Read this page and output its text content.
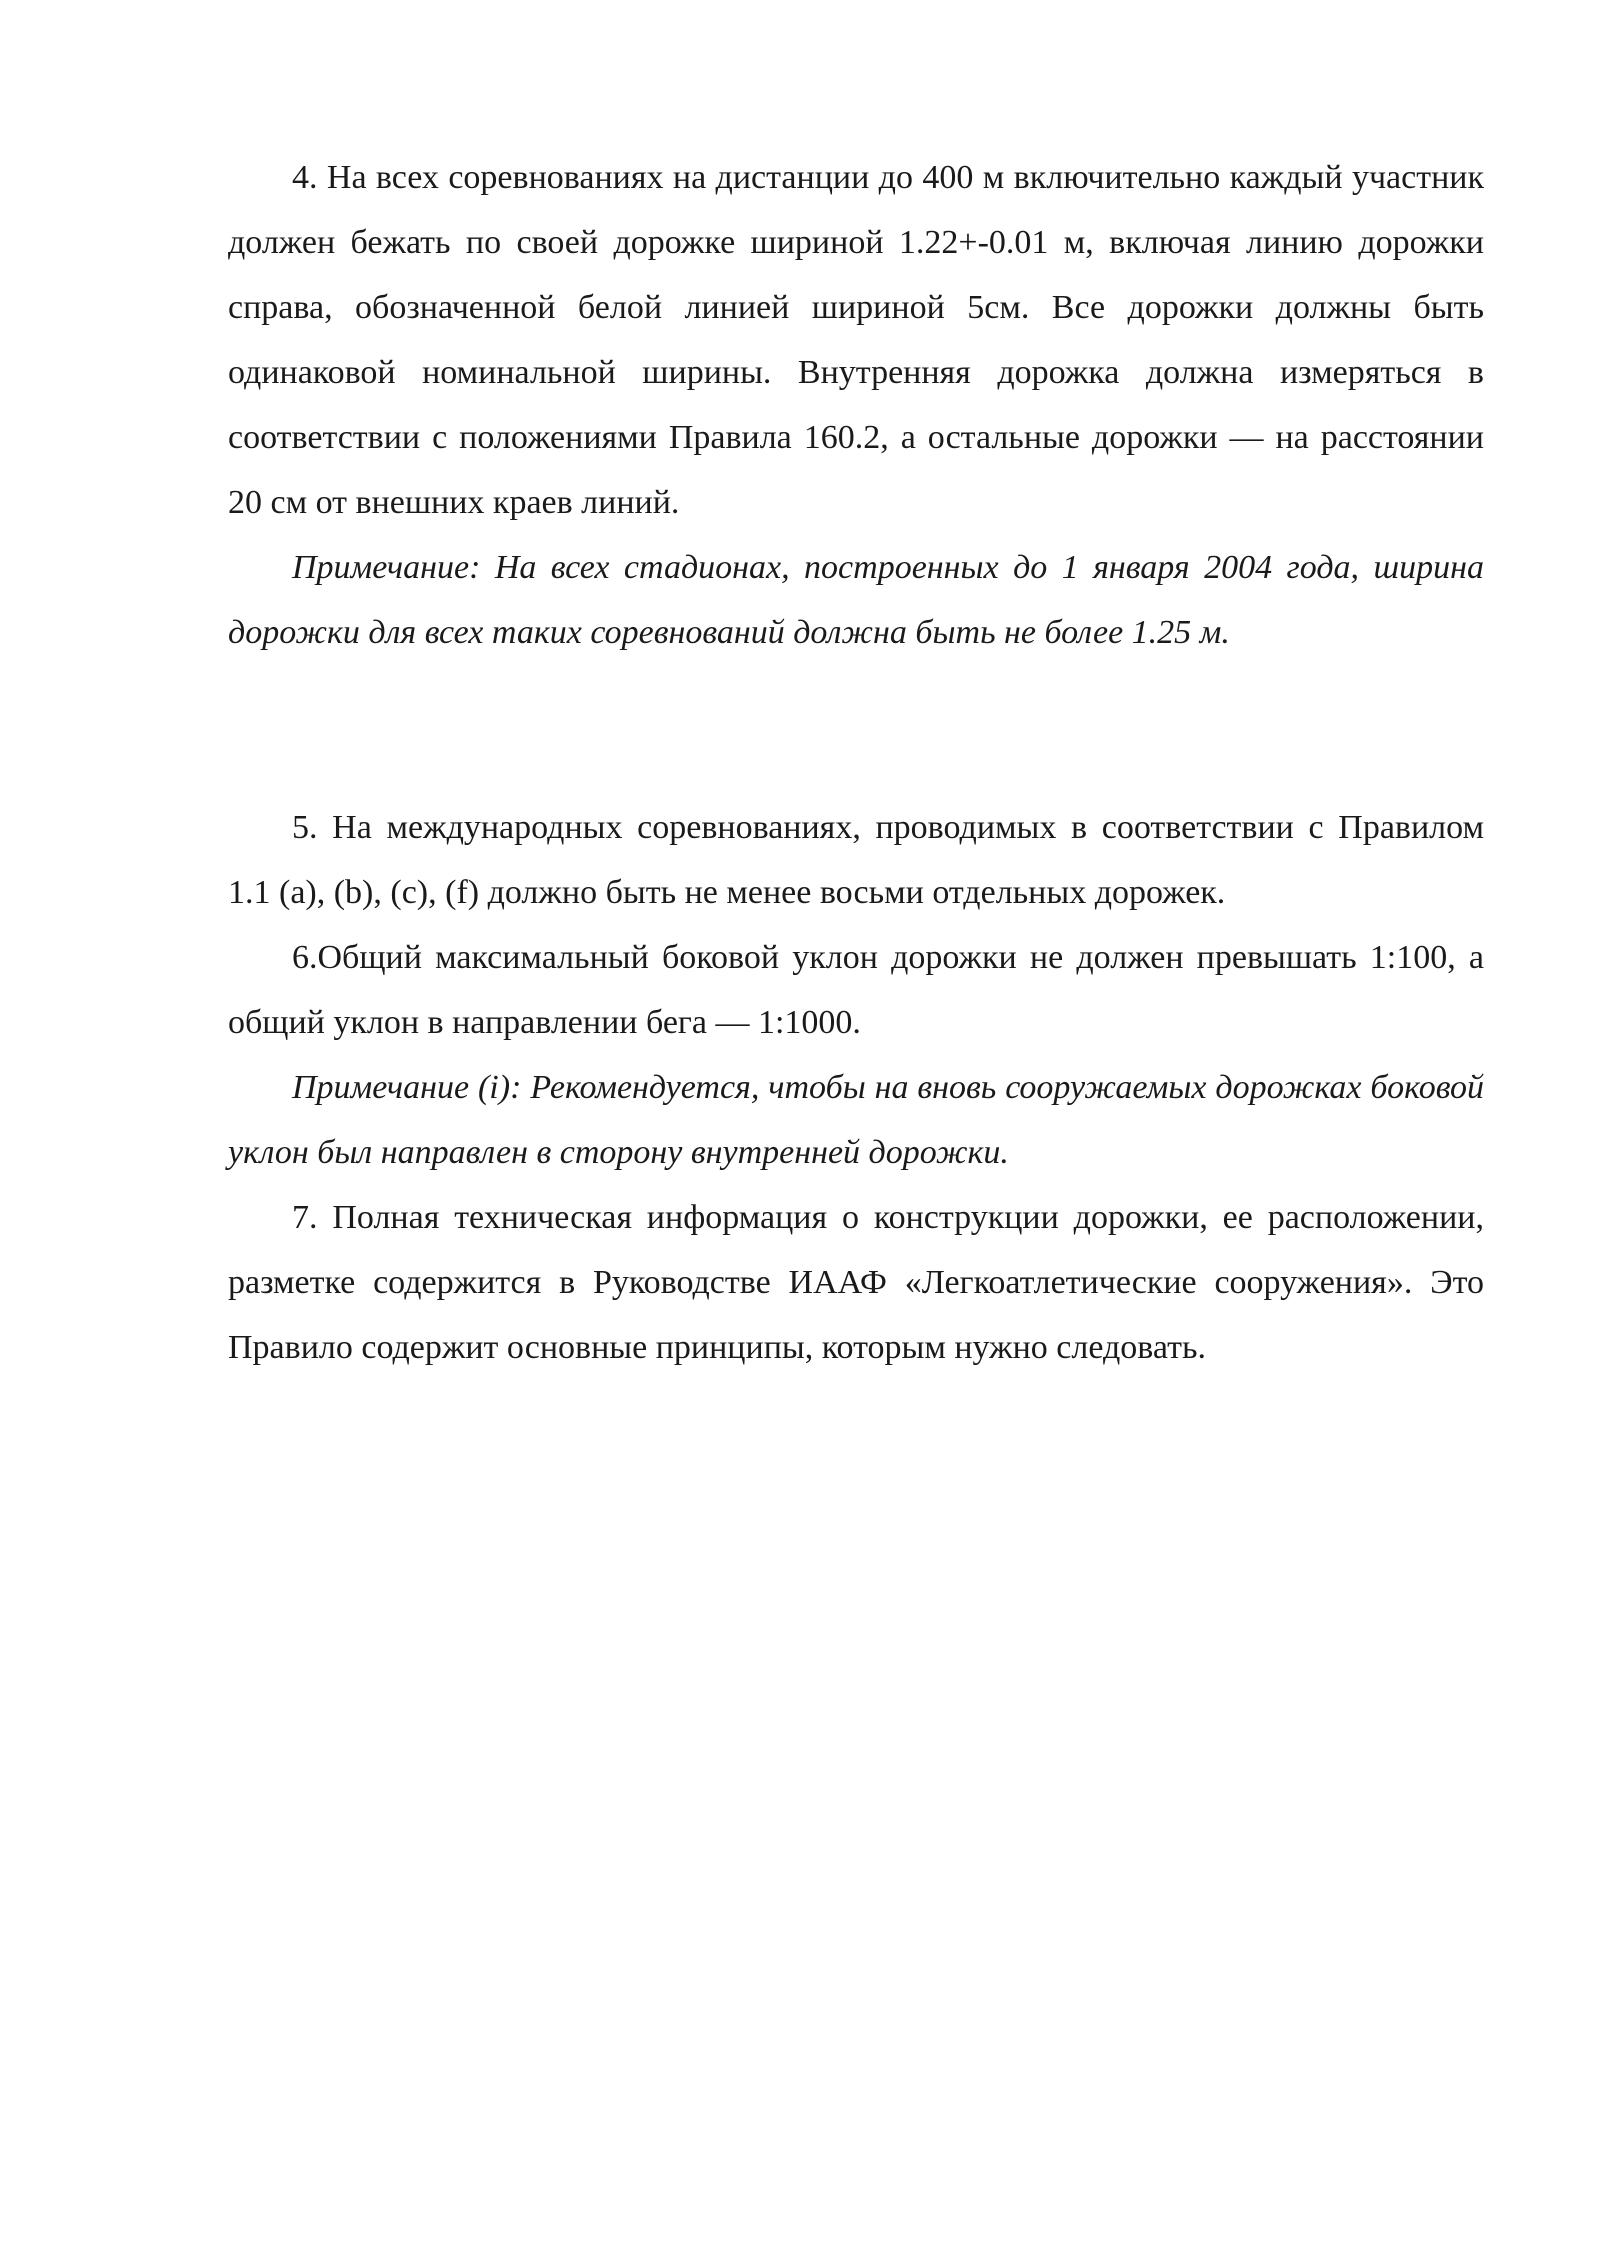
4. На всех соревнованиях на дистанции до 400 м включительно каждый участник должен бежать по своей дорожке шириной 1.22+-0.01 м, включая линию дорожки справа, обозначенной белой линией шириной 5см. Все дорожки должны быть одинаковой номинальной ширины. Внутренняя дорожка должна измеряться в соответствии с положениями Правила 160.2, а остальные дорожки — на расстоянии 20 см от внешних краев линий.

Примечание: На всех стадионах, построенных до 1 января 2004 года, ширина дорожки для всех таких соревнований должна быть не более 1.25 м.

5. На международных соревнованиях, проводимых в соответствии с Правилом 1.1 (a), (b), (c), (f) должно быть не менее восьми отдельных дорожек.

6.Общий максимальный боковой уклон дорожки не должен превышать 1:100, а общий уклон в направлении бега — 1:1000.

Примечание (i): Рекомендуется, чтобы на вновь сооружаемых дорожках боковой уклон был направлен в сторону внутренней дорожки.

7. Полная техническая информация о конструкции дорожки, ее расположении, разметке содержится в Руководстве ИААФ «Легкоатлетические сооружения». Это Правило содержит основные принципы, которым нужно следовать.
